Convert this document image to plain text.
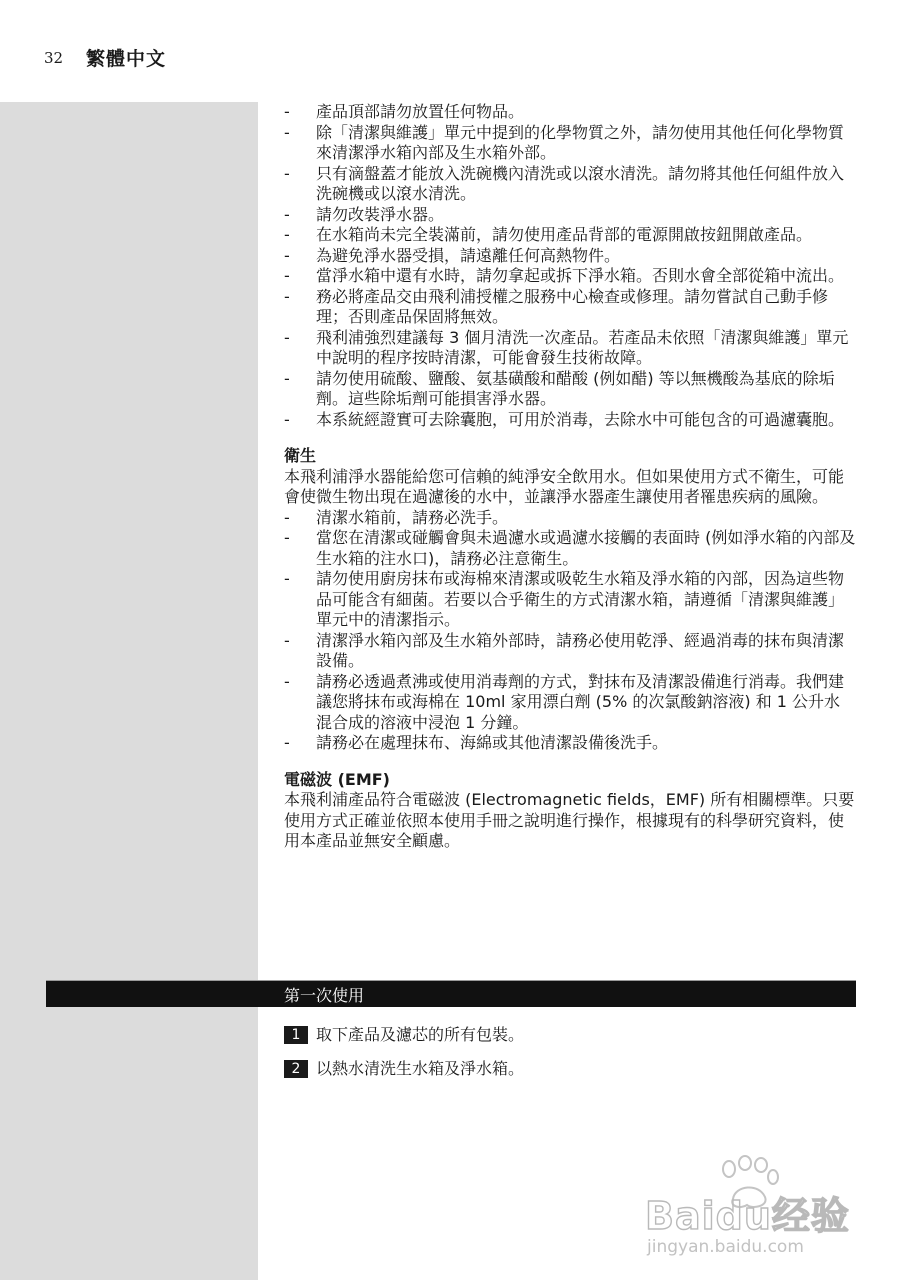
32 繁體中文
- 產品頂部請勿放置任何物品。
- 除「清潔與維護」單元中提到的化學物質之外，請勿使用其他任何化學物質來清潔淨水箱內部及生水箱外部。
- 只有滴盤蓋才能放入洗碗機內清洗或以滾水清洗。請勿將其他任何組件放入洗碗機或以滾水清洗。
- 請勿改裝淨水器。
- 在水箱尚未完全裝滿前，請勿使用產品背部的電源開啟按鈕開啟產品。
- 為避免淨水器受損，請遠離任何高熱物件。
- 當淨水箱中還有水時，請勿拿起或拆下淨水箱。否則水會全部從箱中流出。
- 務必將產品交由飛利浦授權之服務中心檢查或修理。請勿嘗試自己動手修理；否則產品保固將無效。
- 飛利浦強烈建議每 3 個月清洗一次產品。若產品未依照「清潔與維護」單元中說明的程序按時清潔，可能會發生技術故障。
- 請勿使用硫酸、鹽酸、氨基磺酸和醋酸 (例如醋) 等以無機酸為基底的除垢劑。這些除垢劑可能損害淨水器。
- 本系統經證實可去除囊胞，可用於消毒，去除水中可能包含的可過濾囊胞。

衛生

本飛利浦淨水器能給您可信賴的純淨安全飲用水。但如果使用方式不衛生，可能會使微生物出現在過濾後的水中，並讓淨水器產生讓使用者罹患疾病的風險。

- 清潔水箱前，請務必洗手。
- 當您在清潔或碰觸會與未過濾水或過濾水接觸的表面時 (例如淨水箱的內部及生水箱的注水口)，請務必注意衛生。
- 請勿使用廚房抹布或海棉來清潔或吸乾生水箱及淨水箱的內部，因為這些物品可能含有細菌。若要以合乎衛生的方式清潔水箱，請遵循「清潔與維護」單元中的清潔指示。
- 清潔淨水箱內部及生水箱外部時，請務必使用乾淨、經過消毒的抹布與清潔設備。
- 請務必透過煮沸或使用消毒劑的方式，對抹布及清潔設備進行消毒。我們建議您將抹布或海棉在 10ml 家用漂白劑 (5% 的次氯酸鈉溶液) 和 1 公升水混合成的溶液中浸泡 1 分鐘。
- 請務必在處理抹布、海綿或其他清潔設備後洗手。

電磁波 (EMF)

本飛利浦產品符合電磁波 (Electromagnetic fields，EMF) 所有相關標準。只要使用方式正確並依照本使用手冊之說明進行操作，根據現有的科學研究資料，使用本產品並無安全顧慮。

第一次使用
1 取下產品及濾芯的所有包裝。
2 以熱水清洗生水箱及淨水箱。
Baidu经验
jingyan.baidu.com
